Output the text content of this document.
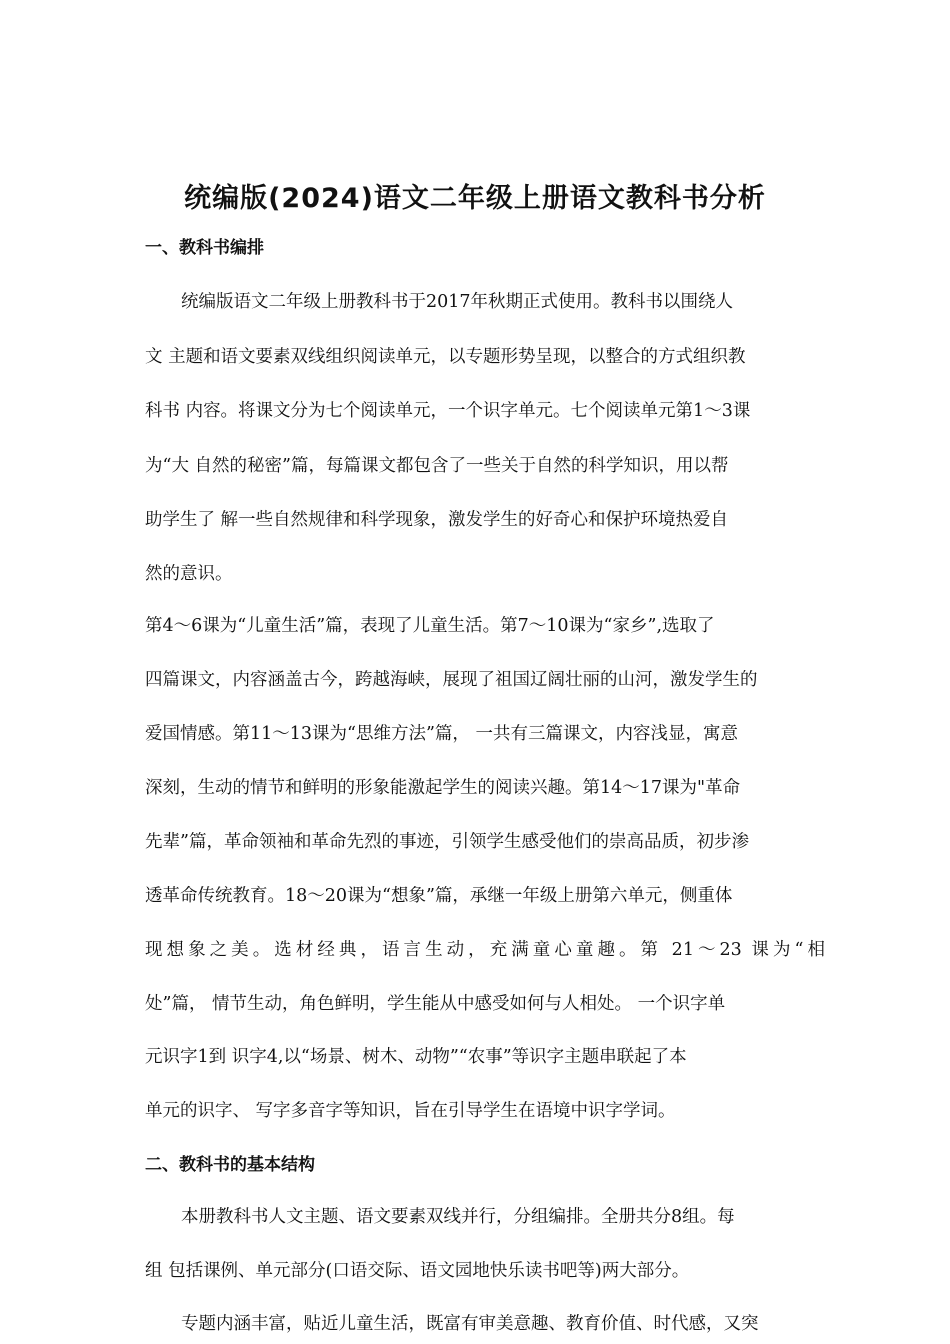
统编版(2024)语文二年级上册语文教科书分析
一、教科书编排

统编版语文二年级上册教科书于2017年秋期正式使用。教科书以围绕人

文 主题和语文要素双线组织阅读单元，以专题形势呈现，以整合的方式组织教

科书 内容。将课文分为七个阅读单元，一个识字单元。七个阅读单元第1～3课

为“大 自然的秘密”篇，每篇课文都包含了一些关于自然的科学知识，用以帮

助学生了 解一些自然规律和科学现象，激发学生的好奇心和保护环境热爱自

然的意识。

第4～6课为“儿童生活”篇，表现了儿童生活。第7～10课为“家乡”,选取了

四篇课文，内容涵盖古今，跨越海峡，展现了祖国辽阔壮丽的山河，激发学生的

爱国情感。第11～13课为“思维方法”篇， 一共有三篇课文，内容浅显，寓意

深刻，生动的情节和鲜明的形象能激起学生的阅读兴趣。第14～17课为"革命

先辈”篇，革命领袖和革命先烈的事迹，引领学生感受他们的崇高品质，初步渗

透革命传统教育。18～20课为“想象”篇，承继一年级上册第六单元，侧重体

现想象之美。选材经典，语言生动，充满童心童趣。第 21～23 课为“相

处”篇， 情节生动，角色鲜明，学生能从中感受如何与人相处。 一个识字单

元识字1到 识字4,以“场景、树木、动物”“农事”等识字主题串联起了本

单元的识字、 写字多音字等知识，旨在引导学生在语境中识字学词。

二、教科书的基本结构

本册教科书人文主题、语文要素双线并行，分组编排。全册共分8组。每

组 包括课例、单元部分(口语交际、语文园地快乐读书吧等)两大部分。

专题内涵丰富，贴近儿童生活，既富有审美意趣、教育价值、时代感，又突
